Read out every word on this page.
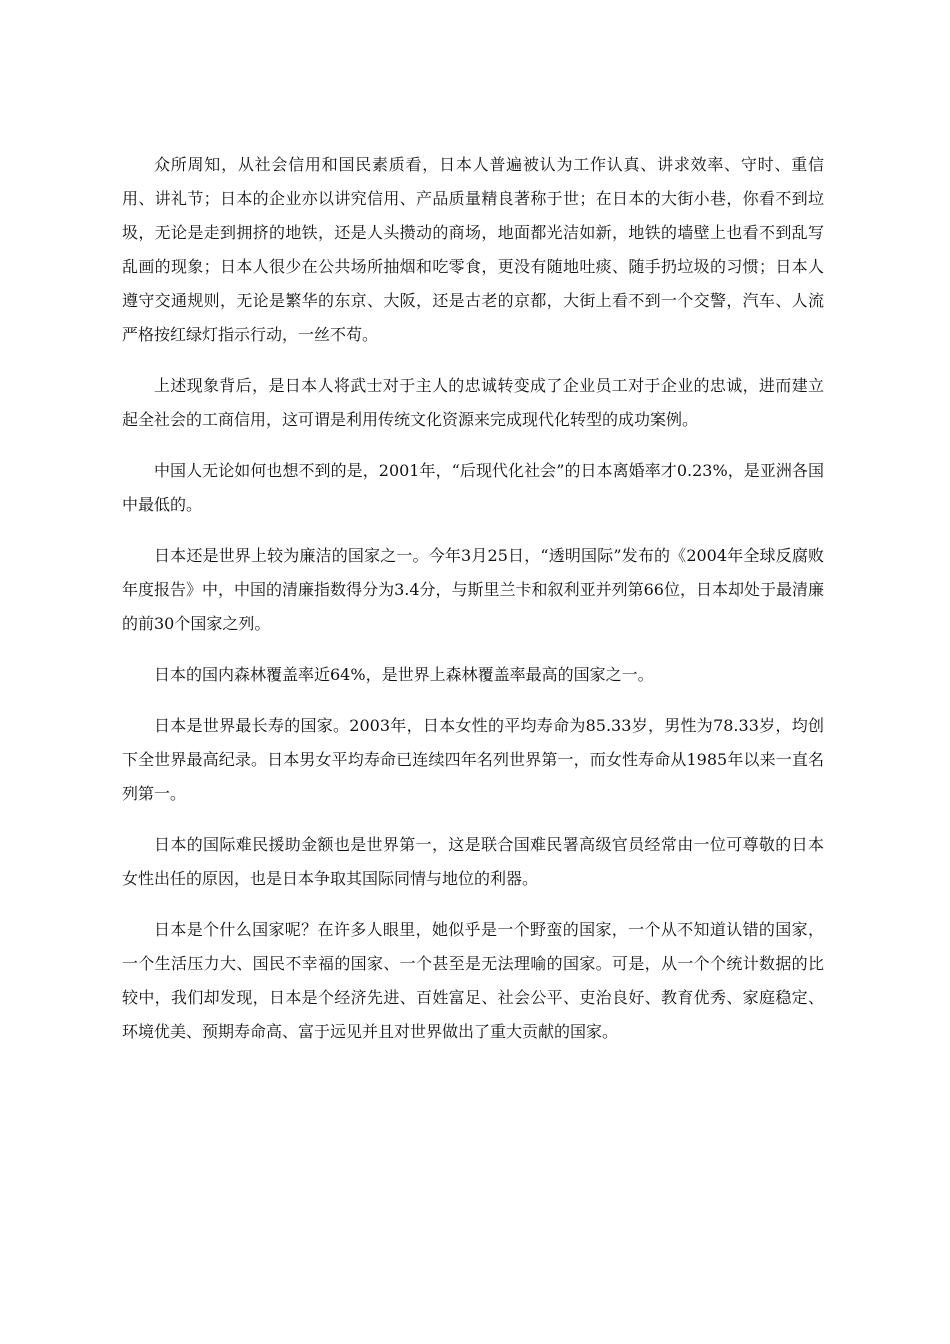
众所周知，从社会信用和国民素质看，日本人普遍被认为工作认真、讲求效率、守时、重信用、讲礼节；日本的企业亦以讲究信用、产品质量精良著称于世；在日本的大街小巷，你看不到垃圾，无论是走到拥挤的地铁，还是人头攒动的商场，地面都光洁如新，地铁的墙壁上也看不到乱写乱画的现象；日本人很少在公共场所抽烟和吃零食，更没有随地吐痰、随手扔垃圾的习惯；日本人遵守交通规则，无论是繁华的东京、大阪，还是古老的京都，大街上看不到一个交警，汽车、人流严格按红绿灯指示行动，一丝不苟。

上述现象背后，是日本人将武士对于主人的忠诚转变成了企业员工对于企业的忠诚，进而建立起全社会的工商信用，这可谓是利用传统文化资源来完成现代化转型的成功案例。

中国人无论如何也想不到的是，2001年，“后现代化社会”的日本离婚率才0.23%，是亚洲各国中最低的。

日本还是世界上较为廉洁的国家之一。今年3月25日，“透明国际”发布的《2004年全球反腐败年度报告》中，中国的清廉指数得分为3.4分，与斯里兰卡和叙利亚并列第66位，日本却处于最清廉的前30个国家之列。

日本的国内森林覆盖率近64%，是世界上森林覆盖率最高的国家之一。

日本是世界最长寿的国家。2003年，日本女性的平均寿命为85.33岁，男性为78.33岁，均创下全世界最高纪录。日本男女平均寿命已连续四年名列世界第一，而女性寿命从1985年以来一直名列第一。

日本的国际难民援助金额也是世界第一，这是联合国难民署高级官员经常由一位可尊敬的日本女性出任的原因，也是日本争取其国际同情与地位的利器。

日本是个什么国家呢？在许多人眼里，她似乎是一个野蛮的国家，一个从不知道认错的国家，一个生活压力大、国民不幸福的国家、一个甚至是无法理喻的国家。可是，从一个个统计数据的比较中，我们却发现，日本是个经济先进、百姓富足、社会公平、吏治良好、教育优秀、家庭稳定、环境优美、预期寿命高、富于远见并且对世界做出了重大贡献的国家。
